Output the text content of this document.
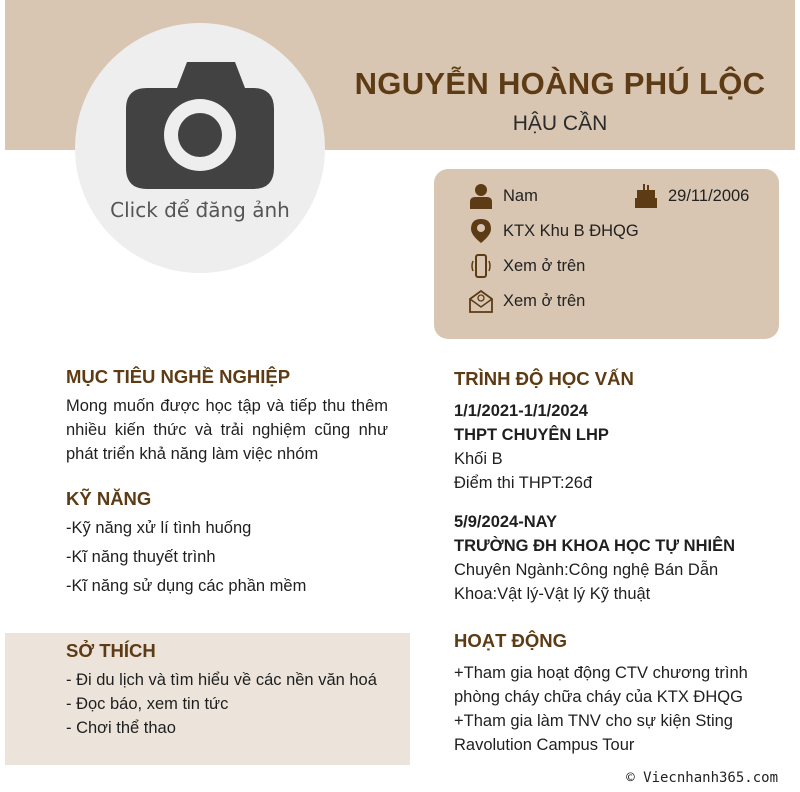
Click để đăng ảnh
NGUYỄN HOÀNG PHÚ LỘC
HẬU CẦN
Nam	29/11/2006
KTX Khu B ĐHQG
Xem ở trên
Xem ở trên
MỤC TIÊU NGHỀ NGHIỆP
Mong muốn được học tập và tiếp thu thêm nhiều kiến thức và trải nghiệm cũng như phát triển khả năng làm việc nhóm
KỸ NĂNG
-Kỹ năng xử lí tình huống
-Kĩ năng thuyết trình
-Kĩ năng sử dụng các phần mềm
SỞ THÍCH
- Đi du lịch và tìm hiểu về các nền văn hoá
- Đọc báo, xem tin tức
- Chơi thể thao
TRÌNH ĐỘ HỌC VẤN
1/1/2021-1/1/2024
THPT CHUYÊN LHP
Khối B
Điểm thi THPT:26đ
5/9/2024-NAY
TRƯỜNG ĐH KHOA HỌC TỰ NHIÊN
Chuyên Ngành:Công nghệ Bán Dẫn
Khoa:Vật lý-Vật lý Kỹ thuật
HOẠT ĐỘNG
+Tham gia hoạt động CTV chương trình
phòng cháy chữa cháy của KTX ĐHQG
+Tham gia làm TNV cho sự kiện Sting
Ravolution Campus Tour
© Viecnhanh365.com
